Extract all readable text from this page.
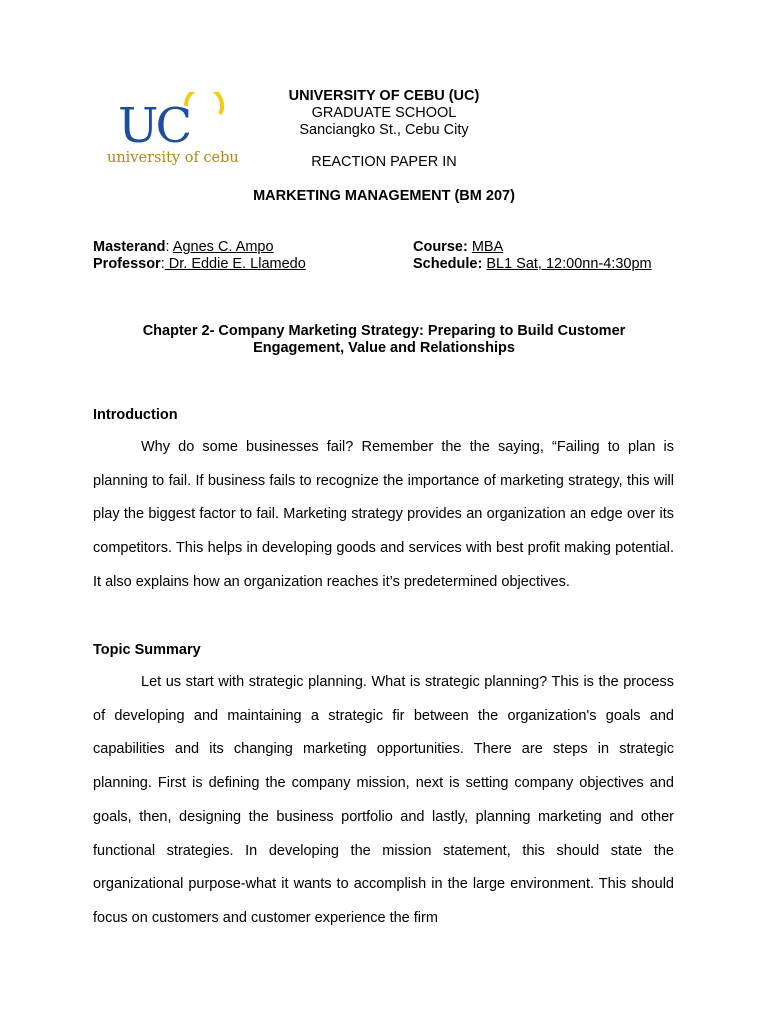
UC
university of cebu
UNIVERSITY OF CEBU (UC)
GRADUATE SCHOOL
Sanciangko St., Cebu City
REACTION PAPER IN
MARKETING MANAGEMENT (BM 207)
Masterand: Agnes C. Ampo
Professor: Dr. Eddie E. Llamedo
Course: MBA
Schedule: BL1 Sat, 12:00nn-4:30pm
Chapter 2- Company Marketing Strategy: Preparing to Build Customer
Engagement, Value and Relationships
Introduction

Why do some businesses fail? Remember the the saying, “Failing to plan is planning to fail. If business fails to recognize the importance of marketing strategy, this will play the biggest factor to fail. Marketing strategy provides an organization an edge over its competitors. This helps in developing goods and services with best profit making potential. It also explains how an organization reaches it’s predetermined objectives.

Topic Summary

Let us start with strategic planning. What is strategic planning? This is the process of developing and maintaining a strategic fir between the organization's goals and capabilities and its changing marketing opportunities. There are steps in strategic planning. First is defining the company mission, next is setting company objectives and goals, then, designing the business portfolio and lastly, planning marketing and other functional strategies. In developing the mission statement, this should state the organizational purpose-what it wants to accomplish in the large environment. This should focus on customers and customer experience the firm
